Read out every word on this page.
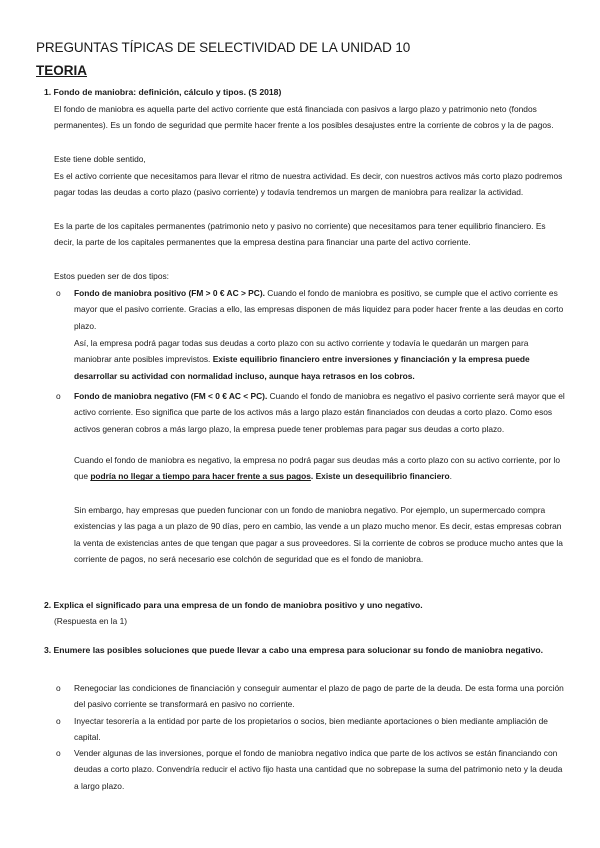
PREGUNTAS TÍPICAS DE SELECTIVIDAD DE LA UNIDAD 10
TEORIA
1. Fondo de maniobra: definición, cálculo y tipos. (S 2018)
El fondo de maniobra es aquella parte del activo corriente que está financiada con pasivos a largo plazo y patrimonio neto (fondos permanentes). Es un fondo de seguridad que permite hacer frente a los posibles desajustes entre la corriente de cobros y la de pagos.
Este tiene doble sentido,
Es el activo corriente que necesitamos para llevar el ritmo de nuestra actividad. Es decir, con nuestros activos más corto plazo podremos pagar todas las deudas a corto plazo (pasivo corriente) y todavía tendremos un margen de maniobra para realizar la actividad.
Es la parte de los capitales permanentes (patrimonio neto y pasivo no corriente) que necesitamos para tener equilibrio financiero. Es decir, la parte de los capitales permanentes que la empresa destina para financiar una parte del activo corriente.
Estos pueden ser de dos tipos:
o Fondo de maniobra positivo (FM > 0 € AC > PC). Cuando el fondo de maniobra es positivo, se cumple que el activo corriente es mayor que el pasivo corriente. Gracias a ello, las empresas disponen de más liquidez para poder hacer frente a las deudas en corto plazo.
Así, la empresa podrá pagar todas sus deudas a corto plazo con su activo corriente y todavía le quedarán un margen para maniobrar ante posibles imprevistos. Existe equilibrio financiero entre inversiones y financiación y la empresa puede desarrollar su actividad con normalidad incluso, aunque haya retrasos en los cobros.
o Fondo de maniobra negativo (FM < 0 € AC < PC). Cuando el fondo de maniobra es negativo el pasivo corriente será mayor que el activo corriente. Eso significa que parte de los activos más a largo plazo están financiados con deudas a corto plazo. Como esos activos generan cobros a más largo plazo, la empresa puede tener problemas para pagar sus deudas a corto plazo.
Cuando el fondo de maniobra es negativo, la empresa no podrá pagar sus deudas más a corto plazo con su activo corriente, por lo que podría no llegar a tiempo para hacer frente a sus pagos. Existe un desequilibrio financiero.
Sin embargo, hay empresas que pueden funcionar con un fondo de maniobra negativo. Por ejemplo, un supermercado compra existencias y las paga a un plazo de 90 días, pero en cambio, las vende a un plazo mucho menor. Es decir, estas empresas cobran la venta de existencias antes de que tengan que pagar a sus proveedores. Si la corriente de cobros se produce mucho antes que la corriente de pagos, no será necesario ese colchón de seguridad que es el fondo de maniobra.
2. Explica el significado para una empresa de un fondo de maniobra positivo y uno negativo.
(Respuesta en la 1)
3. Enumere las posibles soluciones que puede llevar a cabo una empresa para solucionar su fondo de maniobra negativo.
o Renegociar las condiciones de financiación y conseguir aumentar el plazo de pago de parte de la deuda. De esta forma una porción del pasivo corriente se transformará en pasivo no corriente.
o Inyectar tesorería a la entidad por parte de los propietarios o socios, bien mediante aportaciones o bien mediante ampliación de capital.
o Vender algunas de las inversiones, porque el fondo de maniobra negativo indica que parte de los activos se están financiando con deudas a corto plazo. Convendría reducir el activo fijo hasta una cantidad que no sobrepase la suma del patrimonio neto y la deuda a largo plazo.
